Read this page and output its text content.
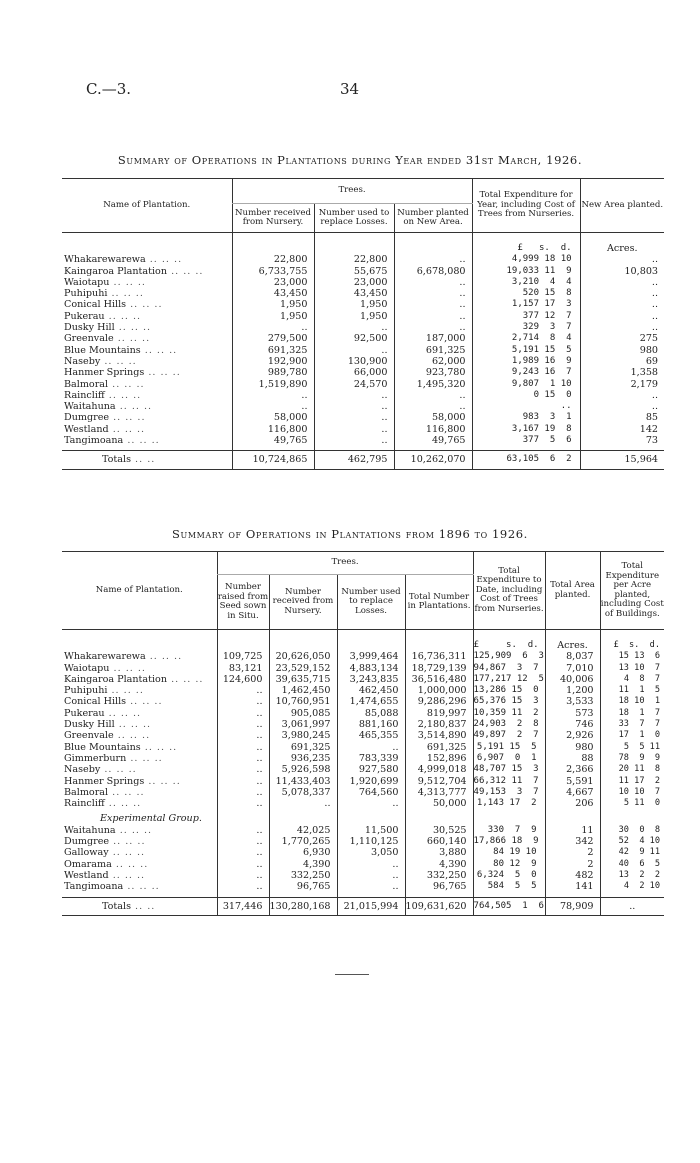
C.—3.	34
Summary of Operations in Plantations during Year ended 31st March, 1926.
Name of Plantation.	Trees.			Total Expenditure for Year, including Cost of Trees from Nurseries.	New Area planted.
	Number received from Nursery.	Number used to replace Losses.	Number planted on New Area.		
				£   s.  d.	Acres.
Whakarewarewa .. .. ..	22,800	22,800	..	4,999 18 10	..
Kaingaroa Plantation .. .. ..	6,733,755	55,675	6,678,080	19,033 11  9	10,803
Waiotapu .. .. ..	23,000	23,000	..	3,210  4  4	..
Puhipuhi .. .. ..	43,450	43,450	..	520 15  8	..
Conical Hills .. .. ..	1,950	1,950	..	1,157 17  3	..
Pukerau .. .. ..	1,950	1,950	..	377 12  7	..
Dusky Hill .. .. ..	..	..	..	329  3  7	..
Greenvale .. .. ..	279,500	92,500	187,000	2,714  8  4	275
Blue Mountains .. .. ..	691,325	..	691,325	5,191 15  5	980
Naseby .. .. ..	192,900	130,900	62,000	1,989 16  9	69
Hanmer Springs .. .. ..	989,780	66,000	923,780	9,243 16  7	1,358
Balmoral .. .. ..	1,519,890	24,570	1,495,320	9,807  1 10	2,179
Raincliff .. .. ..	..	..	..	0 15  0	..
Waitahuna .. .. ..	..	..	..	..	..
Dumgree .. .. ..	58,000	..	58,000	983  3  1	85
Westland .. .. ..	116,800	..	116,800	3,167 19  8	142
Tangimoana .. .. ..	49,765	..	49,765	377  5  6	73

Totals .. ..	10,724,865	462,795	10,262,070	63,105  6  2	15,964
Summary of Operations in Plantations from 1896 to 1926.
Name of Plantation.	Trees.				Total Expenditure to Date, including Cost of Trees from Nurseries.	Total Area planted.	Total Expenditure per Acre planted, including Cost of Buildings.
	Number raised from Seed sown in Situ.	Number received from Nursery.	Number used to replace Losses.	Total Number in Plantations.			
					£     s.  d.	Acres.	£  s.  d.
Whakarewarewa .. .. ..	109,725	20,626,050	3,999,464	16,736,311	125,909  6  3	8,037	15 13  6
Waiotapu .. .. ..	83,121	23,529,152	4,883,134	18,729,139	94,867  3  7	7,010	13 10  7
Kaingaroa Plantation .. .. ..	124,600	39,635,715	3,243,835	36,516,480	177,217 12  5	40,006	4  8  7
Puhipuhi .. .. ..	..	1,462,450	462,450	1,000,000	13,286 15  0	1,200	11  1  5
Conical Hills .. .. ..	..	10,760,951	1,474,655	9,286,296	65,376 15  3	3,533	18 10  1
Pukerau .. .. ..	..	905,085	85,088	819,997	10,359 11  2	573	18  1  7
Dusky Hill .. .. ..	..	3,061,997	881,160	2,180,837	24,903  2  8	746	33  7  7
Greenvale .. .. ..	..	3,980,245	465,355	3,514,890	49,897  2  7	2,926	17  1  0
Blue Mountains .. .. ..	..	691,325	..	691,325	5,191 15  5	980	5  5 11
Gimmerburn .. .. ..	..	936,235	783,339	152,896	6,907  0  1	88	78  9  9
Naseby .. .. ..	..	5,926,598	927,580	4,999,018	48,707 15  3	2,366	20 11  8
Hanmer Springs .. .. ..	..	11,433,403	1,920,699	9,512,704	66,312 11  7	5,591	11 17  2
Balmoral .. .. ..	..	5,078,337	764,560	4,313,777	49,153  3  7	4,667	10 10  7
Raincliff .. .. ..	..	..	..	50,000	1,143 17  2	206	5 11  0

Experimental Group.							
Waitahuna .. .. ..	..	42,025	11,500	30,525	330  7  9	11	30  0  8
Dumgree .. .. ..	..	1,770,265	1,110,125	660,140	17,866 18  9	342	52  4 10
Galloway .. .. ..	..	6,930	3,050	3,880	84 19 10	2	42  9 11
Omarama .. .. ..	..	4,390	..	4,390	80 12  9	2	40  6  5
Westland .. .. ..	..	332,250	..	332,250	6,324  5  0	482	13  2  2
Tangimoana .. .. ..	..	96,765	..	96,765	584  5  5	141	4  2 10

Totals .. ..	317,446	130,280,168	21,015,994	109,631,620	764,505  1  6	78,909	..
